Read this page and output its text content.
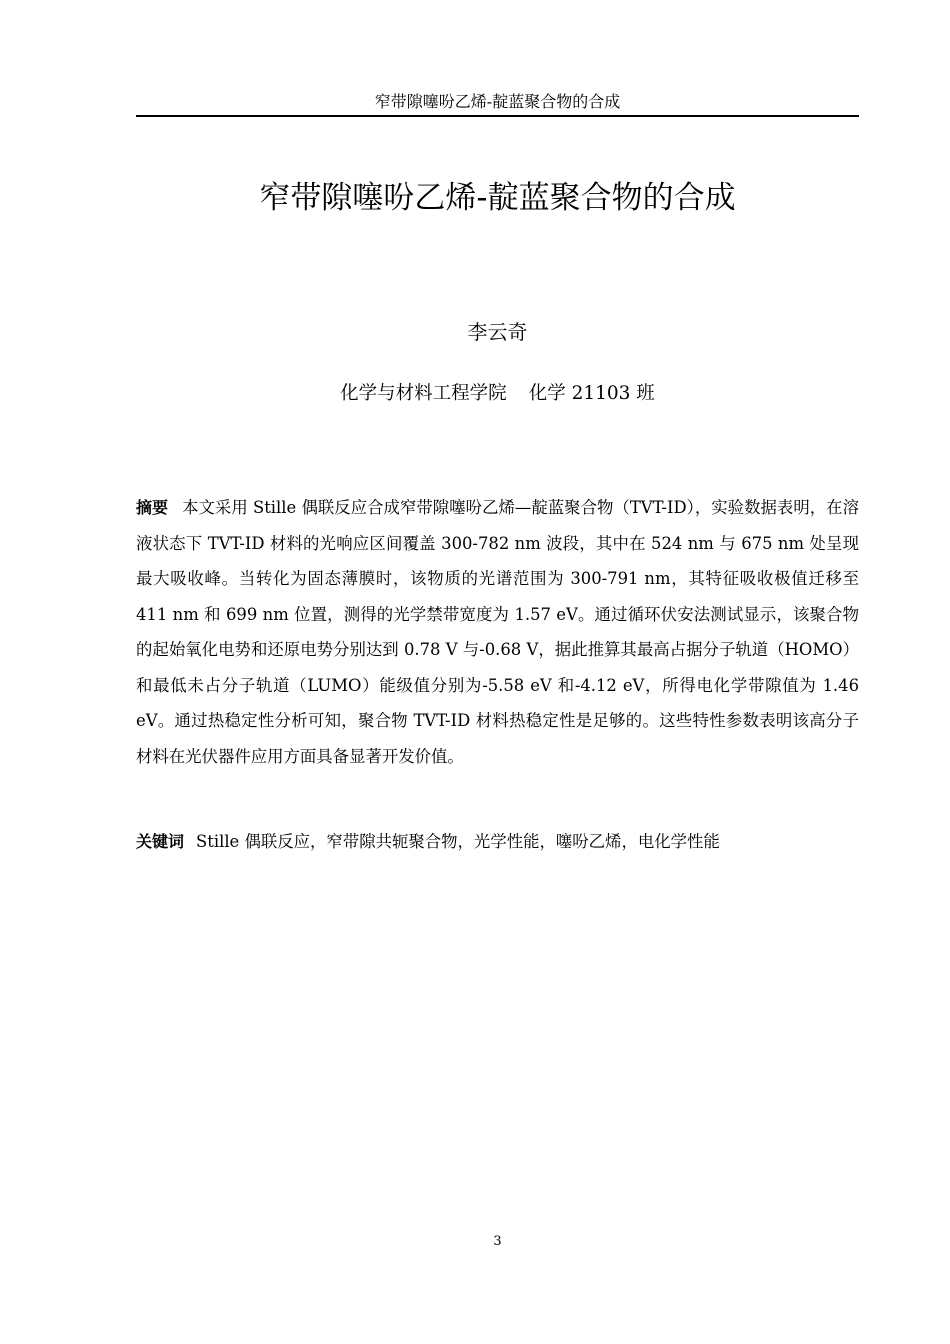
窄带隙噻吩乙烯-靛蓝聚合物的合成
窄带隙噻吩乙烯-靛蓝聚合物的合成
李云奇
化学与材料工程学院 化学 21103 班

摘要 本文采用 Stille 偶联反应合成窄带隙噻吩乙烯—靛蓝聚合物（TVT-ID），实验数据表明，在溶液状态下 TVT-ID 材料的光响应区间覆盖 300-782 nm 波段，其中在 524 nm 与 675 nm 处呈现最大吸收峰。当转化为固态薄膜时，该物质的光谱范围为 300-791 nm，其特征吸收极值迁移至 411 nm 和 699 nm 位置，测得的光学禁带宽度为 1.57 eV。通过循环伏安法测试显示，该聚合物的起始氧化电势和还原电势分别达到 0.78 V 与-0.68 V，据此推算其最高占据分子轨道（HOMO）和最低未占分子轨道（LUMO）能级值分别为-5.58 eV 和-4.12 eV，所得电化学带隙值为 1.46 eV。通过热稳定性分析可知，聚合物 TVT-ID 材料热稳定性是足够的。这些特性参数表明该高分子材料在光伏器件应用方面具备显著开发价值。

关键词 Stille 偶联反应，窄带隙共轭聚合物，光学性能，噻吩乙烯，电化学性能

3
